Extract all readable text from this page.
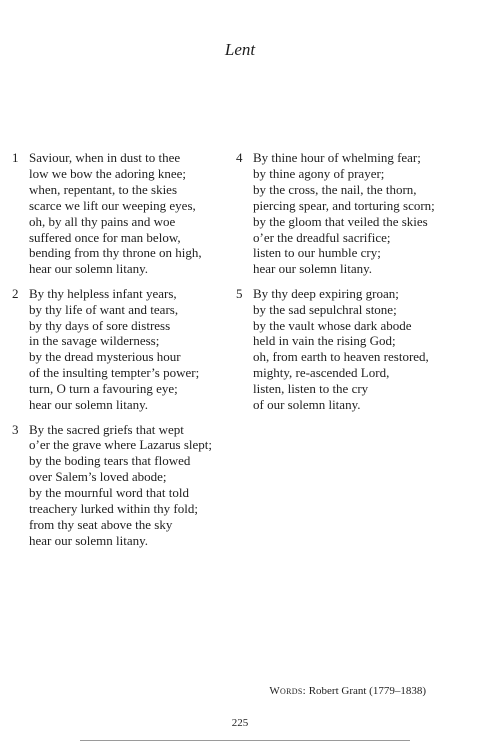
Lent
1 Saviour, when in dust to thee
low we bow the adoring knee;
when, repentant, to the skies
scarce we lift our weeping eyes,
oh, by all thy pains and woe
suffered once for man below,
bending from thy throne on high,
hear our solemn litany.
2 By thy helpless infant years,
by thy life of want and tears,
by thy days of sore distress
in the savage wilderness;
by the dread mysterious hour
of the insulting tempter’s power;
turn, O turn a favouring eye;
hear our solemn litany.
3 By the sacred griefs that wept
o’er the grave where Lazarus slept;
by the boding tears that flowed
over Salem’s loved abode;
by the mournful word that told
treachery lurked within thy fold;
from thy seat above the sky
hear our solemn litany.
4 By thine hour of whelming fear;
by thine agony of prayer;
by the cross, the nail, the thorn,
piercing spear, and torturing scorn;
by the gloom that veiled the skies
o’er the dreadful sacrifice;
listen to our humble cry;
hear our solemn litany.
5 By thy deep expiring groan;
by the sad sepulchral stone;
by the vault whose dark abode
held in vain the rising God;
oh, from earth to heaven restored,
mighty, re-ascended Lord,
listen, listen to the cry
of our solemn litany.
Words: Robert Grant (1779–1838)
225
